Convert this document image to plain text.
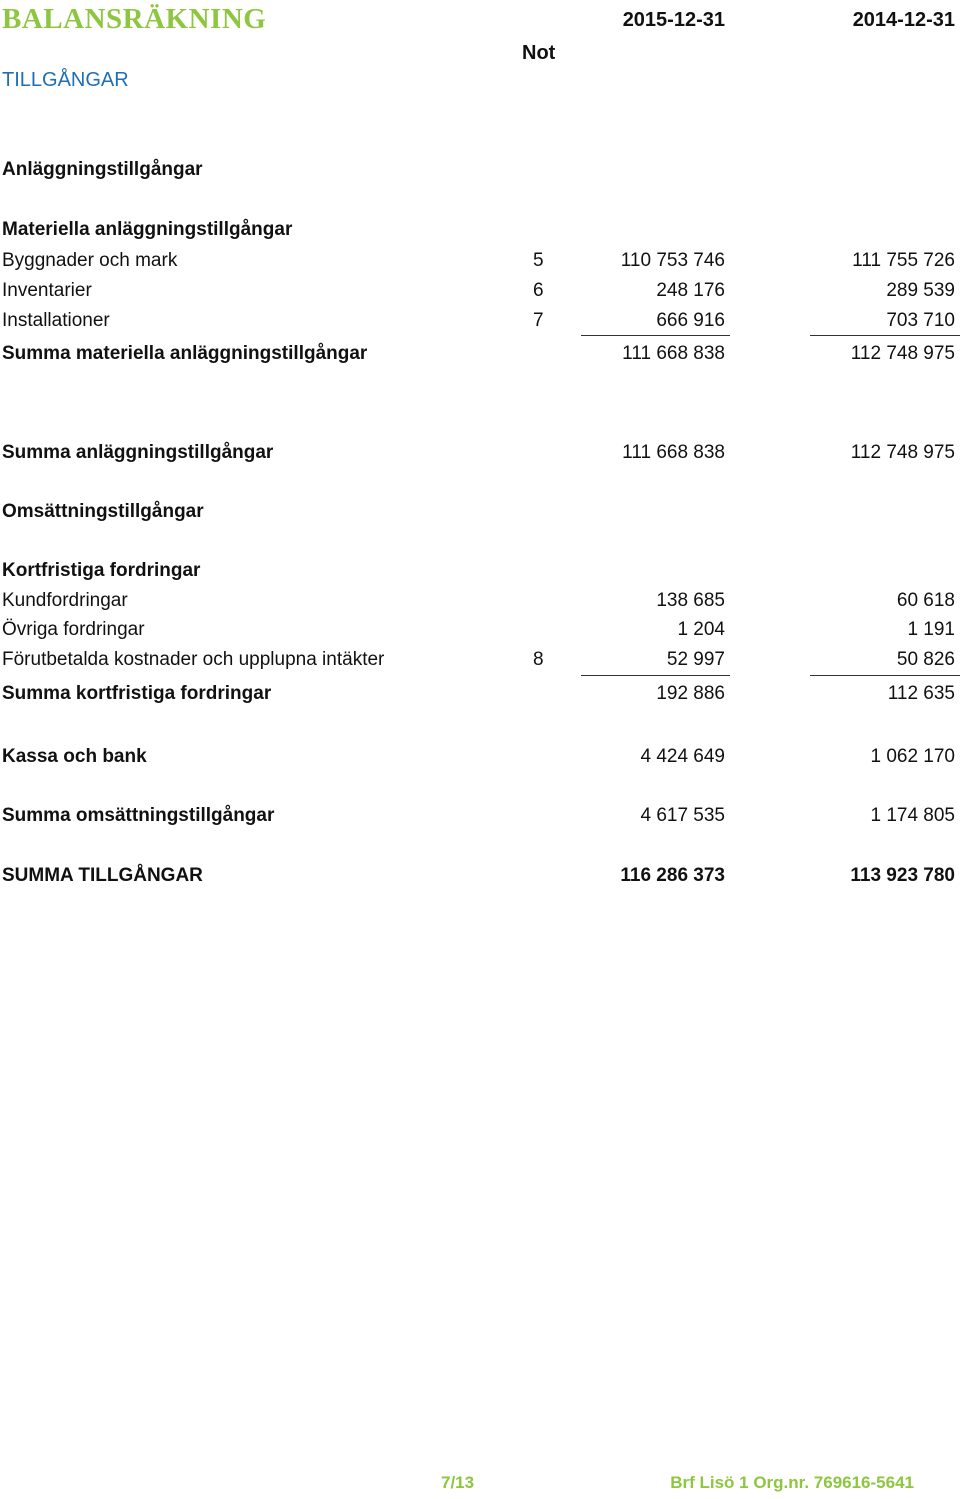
BALANSRÄKNING
Not
2015-12-31	2014-12-31
TILLGÅNGAR
Anläggningstillgångar
Materiella anläggningstillgångar
Byggnader och mark	5	110 753 746	111 755 726
Inventarier	6	248 176	289 539
Installationer	7	666 916	703 710
Summa materiella anläggningstillgångar	111 668 838	112 748 975
Summa anläggningstillgångar	111 668 838	112 748 975
Omsättningstillgångar
Kortfristiga fordringar
Kundfordringar	138 685	60 618
Övriga fordringar	1 204	1 191
Förutbetalda kostnader och upplupna intäkter	8	52 997	50 826
Summa kortfristiga fordringar	192 886	112 635
Kassa och bank	4 424 649	1 062 170
Summa omsättningstillgångar	4 617 535	1 174 805
SUMMA TILLGÅNGAR	116 286 373	113 923 780
7/13	Brf Lisö 1 Org.nr. 769616-5641
